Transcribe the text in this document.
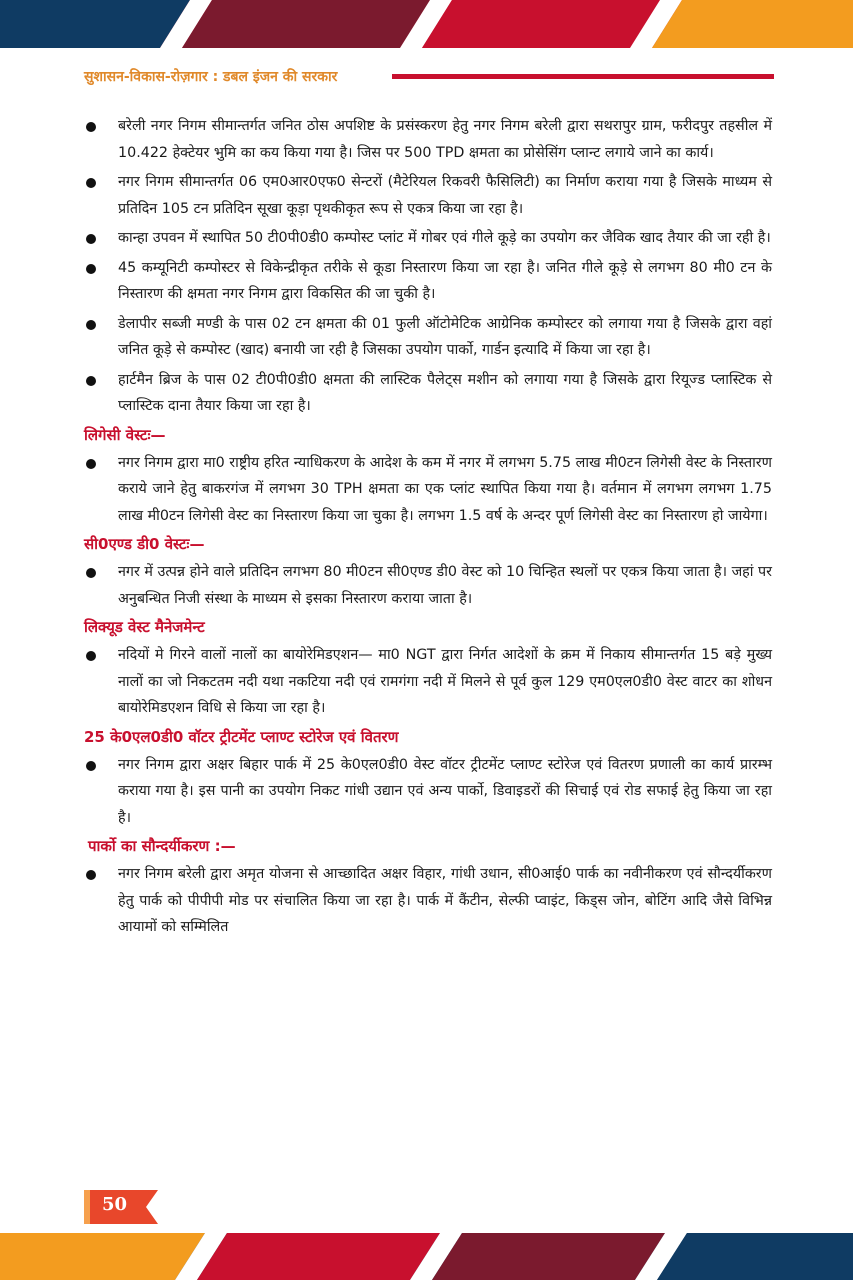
सुशासन-विकास-रोज़गार : डबल इंजन की सरकार
बरेली नगर निगम सीमान्तर्गत जनित ठोस अपशिष्ट के प्रसंस्करण हेतु नगर निगम बरेली द्वारा सथरापुर ग्राम, फरीदपुर तहसील में 10.422 हेक्टेयर भुमि का कय किया गया है। जिस पर 500 TPD क्षमता का प्रोसेसिंग प्लान्ट लगाये जाने का कार्य।
नगर निगम सीमान्तर्गत 06 एम0आर0एफ0 सेन्टरों (मैटेरियल रिकवरी फैसिलिटी) का निर्माण कराया गया है जिसके माध्यम से प्रतिदिन 105 टन प्रतिदिन सूखा कूड़ा पृथकीकृत रूप से एकत्र किया जा रहा है।
कान्हा उपवन में स्थापित 50 टी0पी0डी0 कम्पोस्ट प्लांट में गोबर एवं गीले कूड़े का उपयोग कर जैविक खाद तैयार की जा रही है।
45 कम्यूनिटी कम्पोस्टर से विकेन्द्रीकृत तरीके से कूडा निस्तारण किया जा रहा है। जनित गीले कूड़े से लगभग 80 मी0 टन के निस्तारण की क्षमता नगर निगम द्वारा विकसित की जा चुकी है।
डेलापीर सब्जी मण्डी के पास 02 टन क्षमता की 01 फुली ऑटोमेटिक आग्रेनिक कम्पोस्टर को लगाया गया है जिसके द्वारा वहां जनित कूड़े से कम्पोस्ट (खाद) बनायी जा रही है जिसका उपयोग पार्को, गार्डन इत्यादि में किया जा रहा है।
हार्टमैन ब्रिज के पास 02 टी0पी0डी0 क्षमता की लास्टिक पैलेट्स मशीन को लगाया गया है जिसके द्वारा रियूज्ड प्लास्टिक से प्लास्टिक दाना तैयार किया जा रहा है।
लिगेसी वेस्टः—
नगर निगम द्वारा मा0 राष्ट्रीय हरित न्याधिकरण के आदेश के कम में नगर में लगभग 5.75 लाख मी0टन लिगेसी वेस्ट के निस्तारण कराये जाने हेतु बाकरगंज में लगभग 30 TPH क्षमता का एक प्लांट स्थापित किया गया है। वर्तमान में लगभग लगभग 1.75 लाख मी0टन लिगेसी वेस्ट का निस्तारण किया जा चुका है। लगभग 1.5 वर्ष के अन्दर पूर्ण लिगेसी वेस्ट का निस्तारण हो जायेगा।
सी0एण्ड डी0 वेस्टः—
नगर में उत्पन्न होने वाले प्रतिदिन लगभग 80 मी0टन सी0एण्ड डी0 वेस्ट को 10 चिन्हित स्थलों पर एकत्र किया जाता है। जहां पर अनुबन्धित निजी संस्था के माध्यम से इसका निस्तारण कराया जाता है।
लिक्यूड वेस्ट मैनेजमेन्ट
नदियों मे गिरने वालों नालों का बायोरेमिडएशन— मा0 NGT द्वारा निर्गत आदेशों के क्रम में निकाय सीमान्तर्गत 15 बड़े मुख्य नालों का जो निकटतम नदी यथा नकटिया नदी एवं रामगंगा नदी में मिलने से पूर्व कुल 129 एम0एल0डी0 वेस्ट वाटर का शोधन बायोरेमिडएशन विधि से किया जा रहा है।
25 के0एल0डी0 वॉटर ट्रीटमेंट प्लाण्ट स्टोरेज एवं वितरण
नगर निगम द्वारा अक्षर बिहार पार्क में 25 के0एल0डी0 वेस्ट वॉटर ट्रीटमेंट प्लाण्ट स्टोरेज एवं वितरण प्रणाली का कार्य प्रारम्भ कराया गया है। इस पानी का उपयोग निकट गांधी उद्यान एवं अन्य पार्को, डिवाइडरों की सिचाई एवं रोड सफाई हेतु किया जा रहा है।
पार्को का सौन्दर्यीकरण :—
नगर निगम बरेली द्वारा अमृत योजना से आच्छादित अक्षर विहार, गांधी उधान, सी0आई0 पार्क का नवीनीकरण एवं सौन्दर्यीकरण हेतु पार्क को पीपीपी मोड पर संचालित किया जा रहा है। पार्क में कैंटीन, सेल्फी प्वाइंट, किड्स जोन, बोटिंग आदि जैसे विभिन्न आयामों को सम्मिलित
50
